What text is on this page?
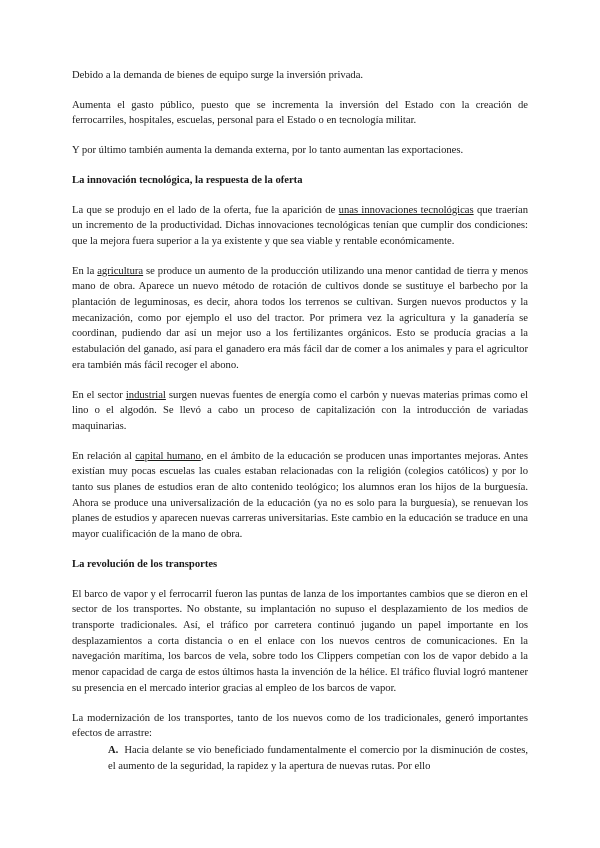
Debido a la demanda de bienes de equipo surge la inversión privada.

Aumenta el gasto público, puesto que se incrementa la inversión del Estado con la creación de ferrocarriles, hospitales, escuelas, personal para el Estado o en tecnología militar.

Y por último también aumenta la demanda externa, por lo tanto aumentan las exportaciones.

La innovación tecnológica, la respuesta de la oferta

La que se produjo en el lado de la oferta, fue la aparición de unas innovaciones tecnológicas que traerían un incremento de la productividad. Dichas innovaciones tecnológicas tenían que cumplir dos condiciones: que la mejora fuera superior a la ya existente y que sea viable y rentable económicamente.

En la agricultura se produce un aumento de la producción utilizando una menor cantidad de tierra y menos mano de obra. Aparece un nuevo método de rotación de cultivos donde se sustituye el barbecho por la plantación de leguminosas, es decir, ahora todos los terrenos se cultivan. Surgen nuevos productos y la mecanización, como por ejemplo el uso del tractor. Por primera vez la agricultura y la ganadería se coordinan, pudiendo dar así un mejor uso a los fertilizantes orgánicos. Esto se producía gracias a la estabulación del ganado, así para el ganadero era más fácil dar de comer a los animales y para el agricultor era también más fácil recoger el abono.

En el sector industrial surgen nuevas fuentes de energía como el carbón y nuevas materias primas como el lino o el algodón. Se llevó a cabo un proceso de capitalización con la introducción de variadas maquinarias.

En relación al capital humano, en el ámbito de la educación se producen unas importantes mejoras. Antes existían muy pocas escuelas las cuales estaban relacionadas con la religión (colegios católicos) y por lo tanto sus planes de estudios eran de alto contenido teológico; los alumnos eran los hijos de la burguesía. Ahora se produce una universalización de la educación (ya no es solo para la burguesía), se renuevan los planes de estudios y aparecen nuevas carreras universitarias. Este cambio en la educación se traduce en una mayor cualificación de la mano de obra.

La revolución de los transportes

El barco de vapor y el ferrocarril fueron las puntas de lanza de los importantes cambios que se dieron en el sector de los transportes. No obstante, su implantación no supuso el desplazamiento de los medios de transporte tradicionales. Así, el tráfico por carretera continuó jugando un papel importante en los desplazamientos a corta distancia o en el enlace con los nuevos centros de comunicaciones. En la navegación marítima, los barcos de vela, sobre todo los Clippers competían con los de vapor debido a la menor capacidad de carga de estos últimos hasta la invención de la hélice. El tráfico fluvial logró mantener su presencia en el mercado interior gracias al empleo de los barcos de vapor.

La modernización de los transportes, tanto de los nuevos como de los tradicionales, generó importantes efectos de arrastre:

A. Hacia delante se vio beneficiado fundamentalmente el comercio por la disminución de costes, el aumento de la seguridad, la rapidez y la apertura de nuevas rutas. Por ello
